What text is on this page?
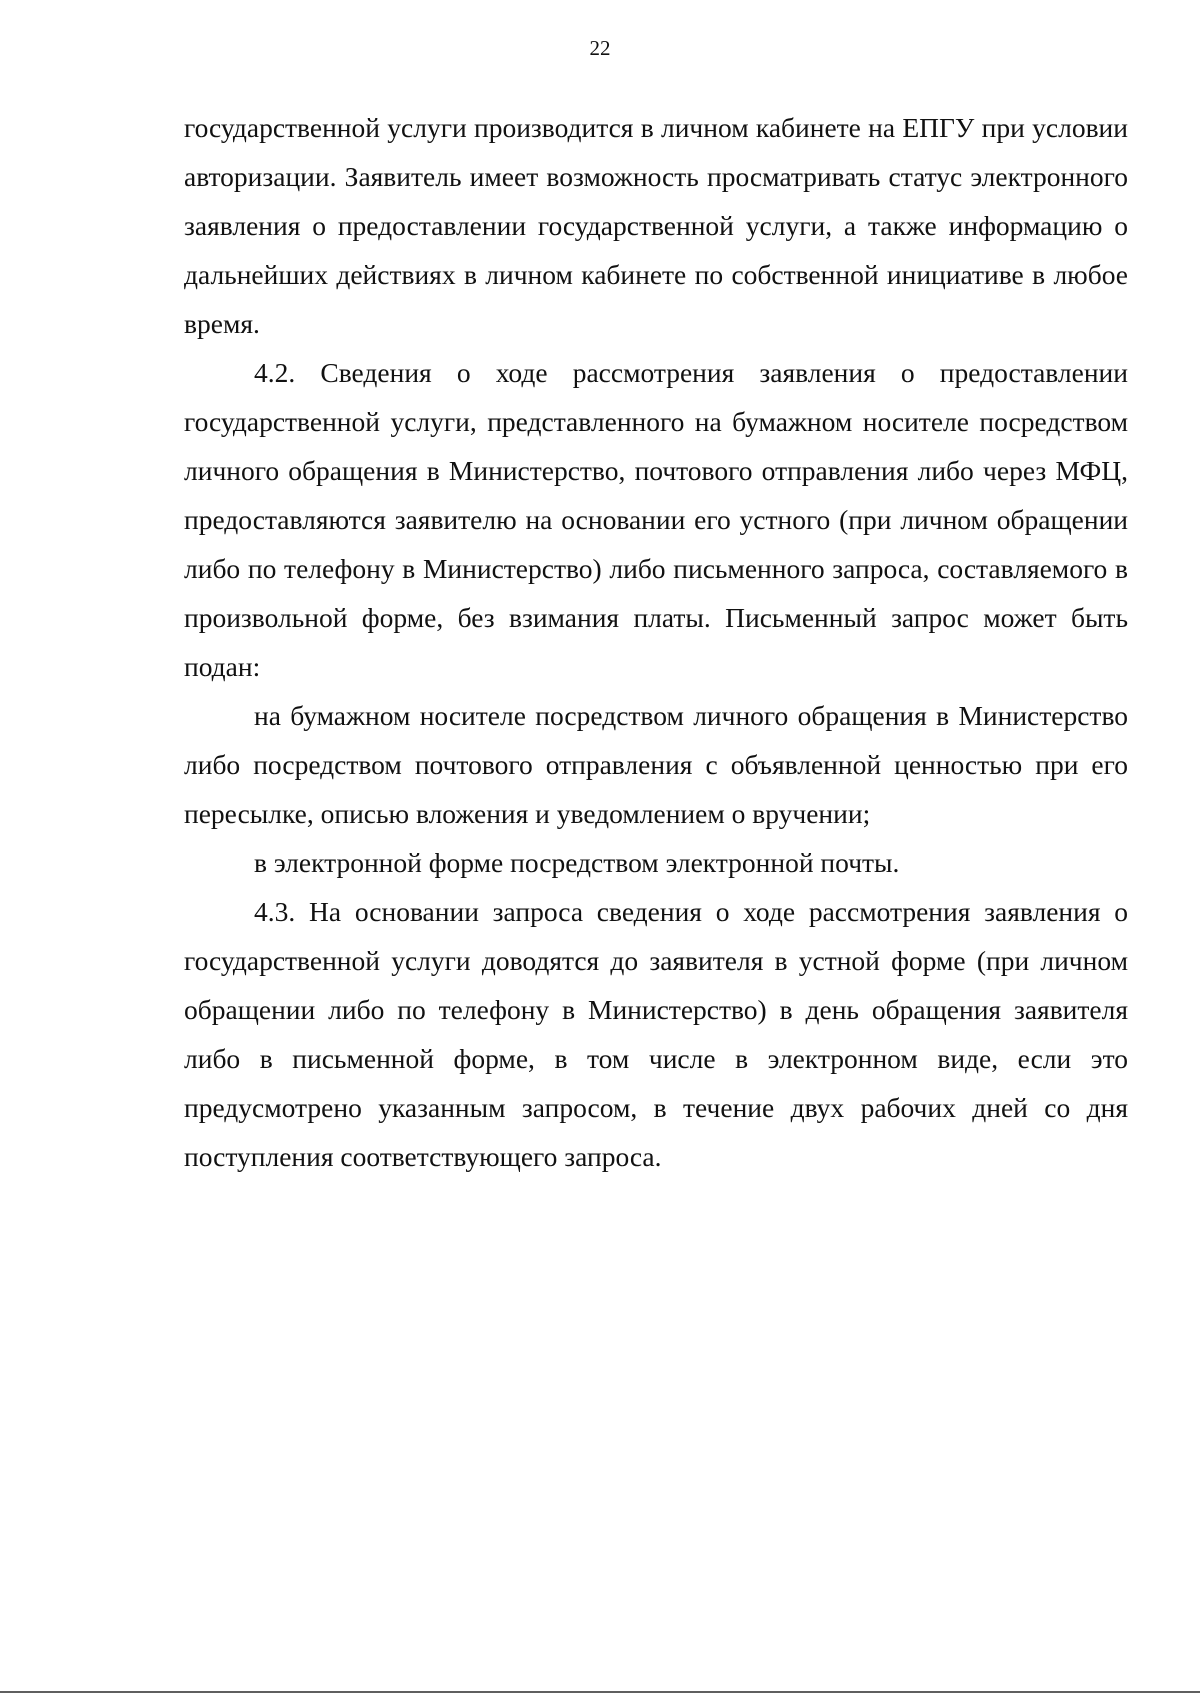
22

государственной услуги производится в личном кабинете на ЕПГУ при условии авторизации. Заявитель имеет возможность просматривать статус электронного заявления о предоставлении государственной услуги, а также информацию о дальнейших действиях в личном кабинете по собственной инициативе в любое время.

4.2. Сведения о ходе рассмотрения заявления о предоставлении государственной услуги, представленного на бумажном носителе посредством личного обращения в Министерство, почтового отправления либо через МФЦ, предоставляются заявителю на основании его устного (при личном обращении либо по телефону в Министерство) либо письменного запроса, составляемого в произвольной форме, без взимания платы. Письменный запрос может быть подан:

на бумажном носителе посредством личного обращения в Министерство либо посредством почтового отправления с объявленной ценностью при его пересылке, описью вложения и уведомлением о вручении;

в электронной форме посредством электронной почты.

4.3. На основании запроса сведения о ходе рассмотрения заявления о государственной услуги доводятся до заявителя в устной форме (при личном обращении либо по телефону в Министерство) в день обращения заявителя либо в письменной форме, в том числе в электронном виде, если это предусмотрено указанным запросом, в течение двух рабочих дней со дня поступления соответствующего запроса.
